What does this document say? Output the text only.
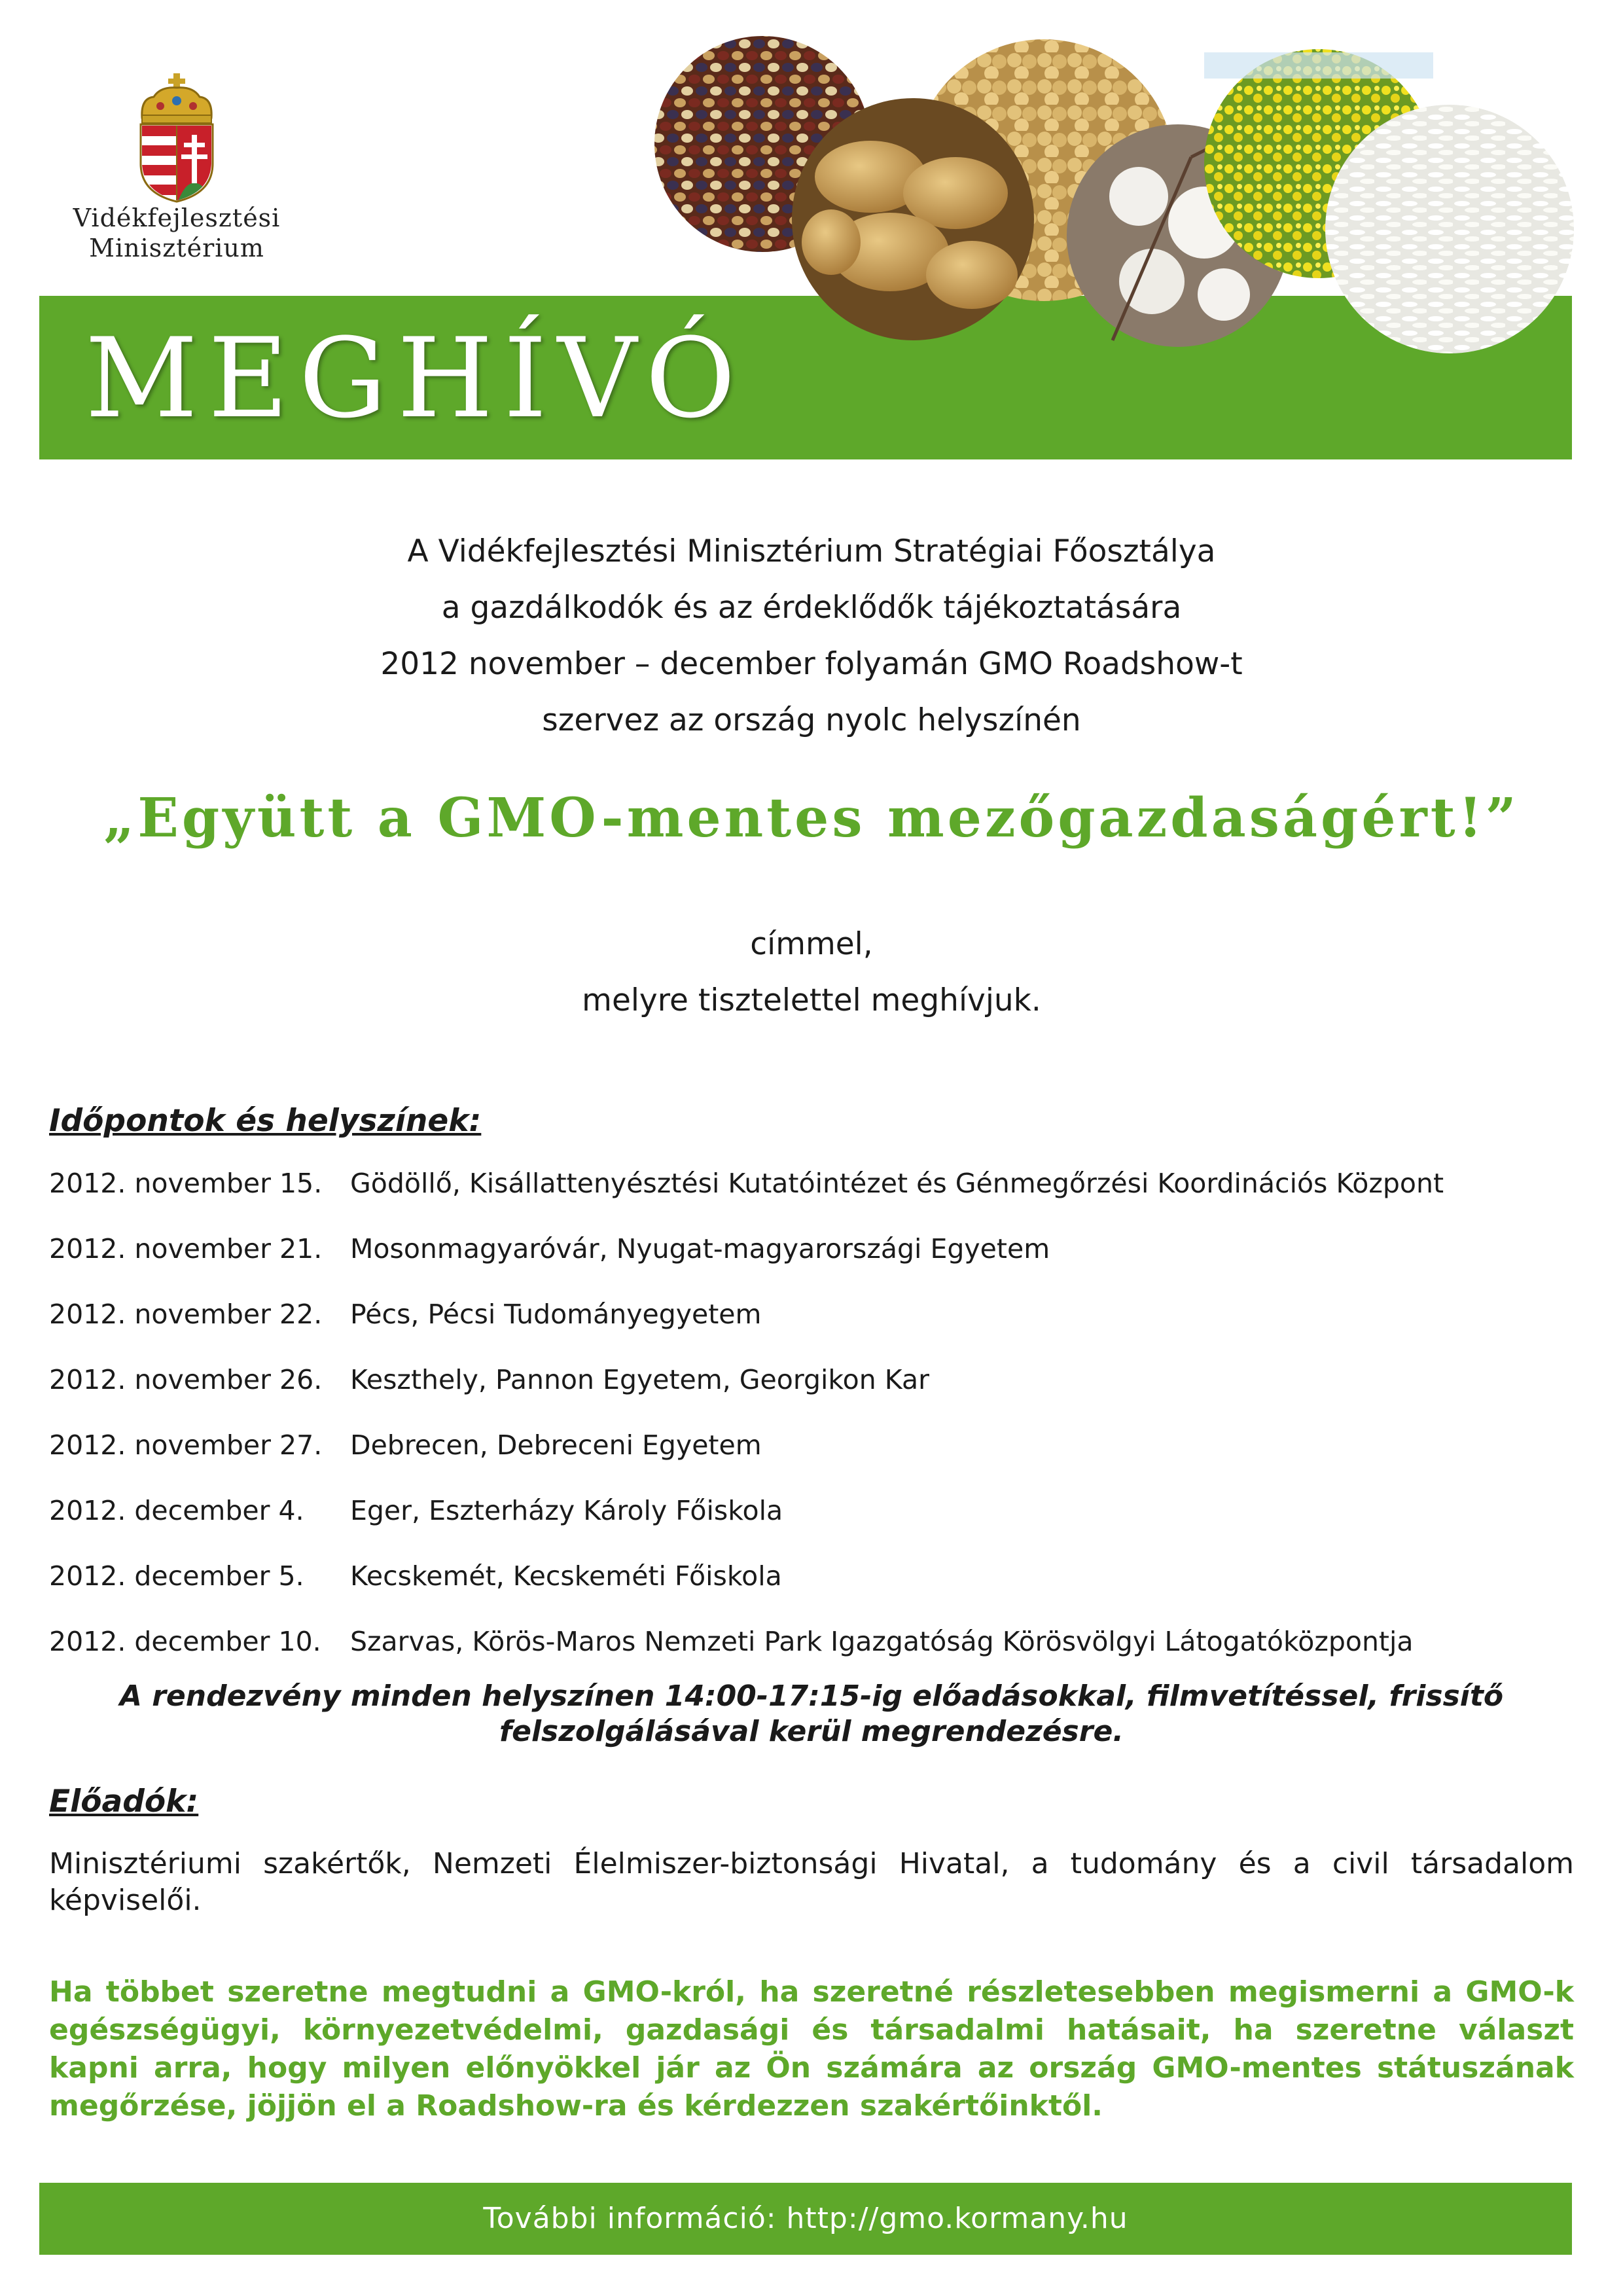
Vidékfejlesztési
Minisztérium
MEGHÍVÓ
A Vidékfejlesztési Minisztérium Stratégiai Főosztálya
a gazdálkodók és az érdeklődők tájékoztatására
2012 november – december folyamán GMO Roadshow-t
szervez az ország nyolc helyszínén
„Együtt a GMO-mentes mezőgazdaságért!”
címmel,
melyre tisztelettel meghívjuk.
Időpontok és helyszínek:
2012. november 15. Gödöllő, Kisállattenyésztési Kutatóintézet és Génmegőrzési Koordinációs Központ
2012. november 21. Mosonmagyaróvár, Nyugat-magyarországi Egyetem
2012. november 22. Pécs, Pécsi Tudományegyetem
2012. november 26. Keszthely, Pannon Egyetem, Georgikon Kar
2012. november 27. Debrecen, Debreceni Egyetem
2012. december 4. Eger, Eszterházy Károly Főiskola
2012. december 5. Kecskemét, Kecskeméti Főiskola
2012. december 10. Szarvas, Körös-Maros Nemzeti Park Igazgatóság Körösvölgyi Látogatóközpontja
A rendezvény minden helyszínen 14:00-17:15-ig előadásokkal, filmvetítéssel, frissítő felszolgálásával kerül megrendezésre.
Előadók:
Minisztériumi szakértők, Nemzeti Élelmiszer-biztonsági Hivatal, a tudomány és a civil társadalom képviselői.
Ha többet szeretne megtudni a GMO-król, ha szeretné részletesebben megismerni a GMO-k egészségügyi, környezetvédelmi, gazdasági és társadalmi hatásait, ha szeretne választ kapni arra, hogy milyen előnyökkel jár az Ön számára az ország GMO-mentes státuszának megőrzése, jöjjön el a Roadshow-ra és kérdezzen szakértőinktől.
További információ: http://gmo.kormany.hu
